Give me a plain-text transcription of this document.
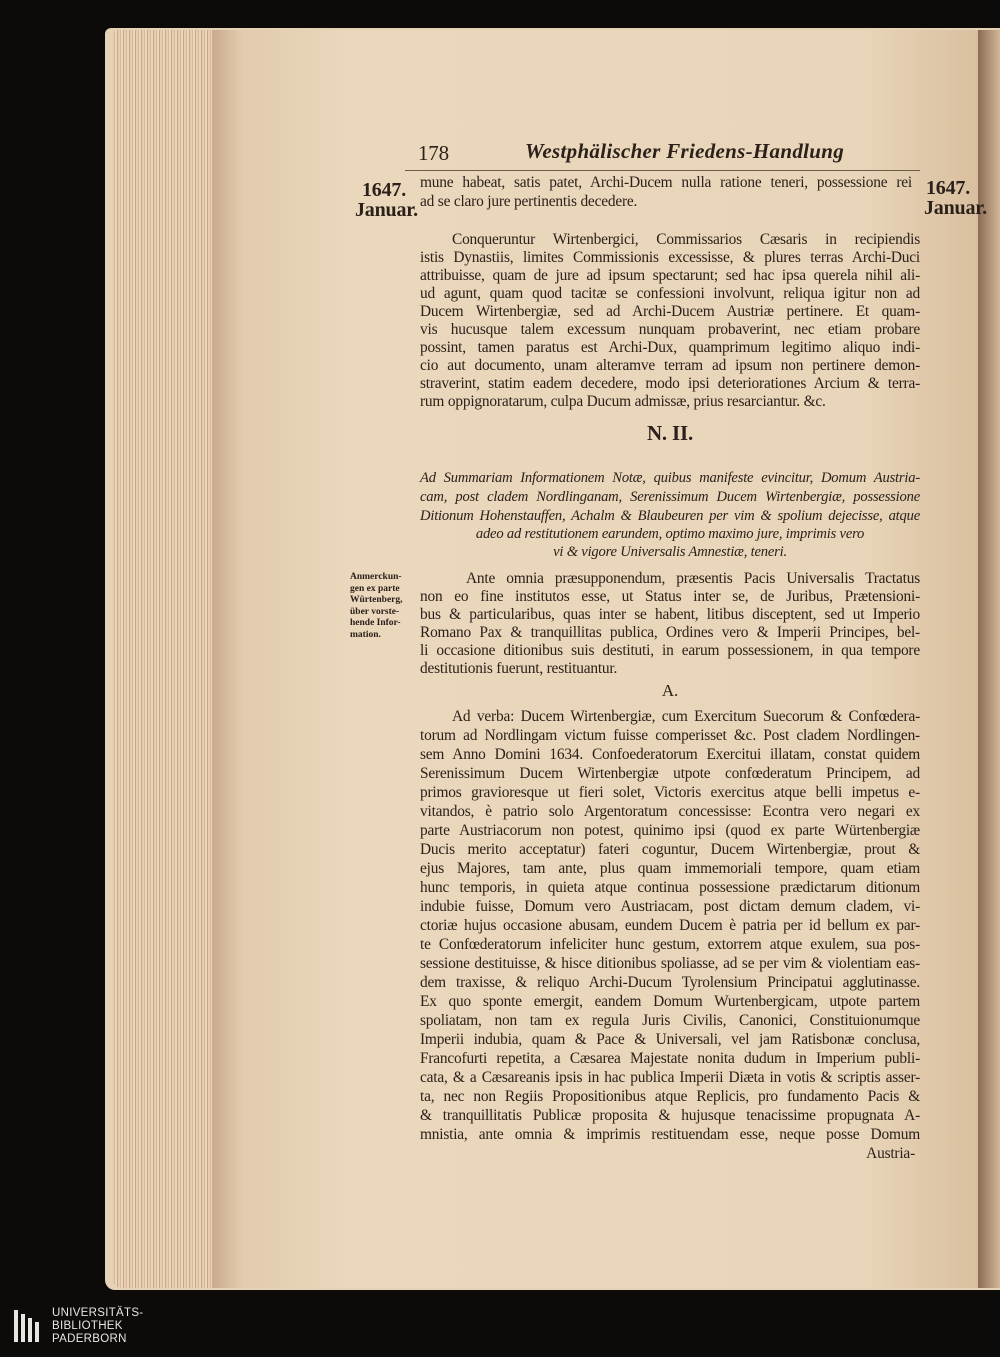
178	Westphälischer Friedens-Handlung
1647.
Januar.
1647.
Januar.
mune habeat, satis patet, Archi-Ducem nulla ratione teneri, possessione rei
ad se claro jure pertinentis decedere.
Conqueruntur Wirtenbergici, Commissarios Cæsaris in recipiendis
istis Dynastiis, limites Commissionis excessisse, & plures terras Archi-Duci
attribuisse, quam de jure ad ipsum spectarunt; sed hac ipsa querela nihil ali-
ud agunt, quam quod tacitæ se confessioni involvunt, reliqua igitur non ad
Ducem Wirtenbergiæ, sed ad Archi-Ducem Austriæ pertinere. Et quam-
vis hucusque talem excessum nunquam probaverint, nec etiam probare
possint, tamen paratus est Archi-Dux, quamprimum legitimo aliquo indi-
cio aut documento, unam alteramve terram ad ipsum non pertinere demon-
straverint, statim eadem decedere, modo ipsi deteriorationes Arcium & terra-
rum oppignoratarum, culpa Ducum admissæ, prius resarciantur. &c.
N. II.
Ad Summariam Informationem Notæ, quibus manifeste evincitur, Domum Austria-
cam, post cladem Nordlinganam, Serenissimum Ducem Wirtenbergiæ, possessione
Ditionum Hohenstauffen, Achalm & Blaubeuren per vim & spolium dejecisse, atque
adeo ad restitutionem earundem, optimo maximo jure, imprimis vero
vi & vigore Universalis Amnestiæ, teneri.
Anmerckun-
gen ex parte
Würtenberg,
über vorste-
hende Infor-
mation.
Ante omnia præsupponendum, præsentis Pacis Universalis Tractatus
non eo fine institutos esse, ut Status inter se, de Juribus, Prætensioni-
bus & particularibus, quas inter se habent, litibus disceptent, sed ut Imperio
Romano Pax & tranquillitas publica, Ordines vero & Imperii Principes, bel-
li occasione ditionibus suis destituti, in earum possessionem, in qua tempore
destitutionis fuerunt, restituantur.
A.
Ad verba: Ducem Wirtenbergiæ, cum Exercitum Suecorum & Confœdera-
torum ad Nordlingam victum fuisse comperisset &c. Post cladem Nordlingen-
sem Anno Domini 1634. Confoederatorum Exercitui illatam, constat quidem
Serenissimum Ducem Wirtenbergiæ utpote confœderatum Principem, ad
primos gravioresque ut fieri solet, Victoris exercitus atque belli impetus e-
vitandos, è patrio solo Argentoratum concessisse: Econtra vero negari ex
parte Austriacorum non potest, quinimo ipsi (quod ex parte Würtenbergiæ
Ducis merito acceptatur) fateri coguntur, Ducem Wirtenbergiæ, prout &
ejus Majores, tam ante, plus quam immemoriali tempore, quam etiam
hunc temporis, in quieta atque continua possessione prædictarum ditionum
indubie fuisse, Domum vero Austriacam, post dictam demum cladem, vi-
ctoriæ hujus occasione abusam, eundem Ducem è patria per id bellum ex par-
te Confœderatorum infeliciter hunc gestum, extorrem atque exulem, sua pos-
sessione destituisse, & hisce ditionibus spoliasse, ad se per vim & violentiam eas-
dem traxisse, & reliquo Archi-Ducum Tyrolensium Principatui agglutinasse.
Ex quo sponte emergit, eandem Domum Wurtenbergicam, utpote partem
spoliatam, non tam ex regula Juris Civilis, Canonici, Constituionumque
Imperii indubia, quam & Pace & Universali, vel jam Ratisbonæ conclusa,
Francofurti repetita, a Cæsarea Majestate nonita dudum in Imperium publi-
cata, & a Cæsareanis ipsis in hac publica Imperii Diæta in votis & scriptis asser-
ta, nec non Regiis Propositionibus atque Replicis, pro fundamento Pacis &
& tranquillitatis Publicæ proposita & hujusque tenacissime propugnata A-
mnistia, ante omnia & imprimis restituendam esse, neque posse Domum
Austria-
UNIVERSITÄTS-
BIBLIOTHEK
PADERBORN
